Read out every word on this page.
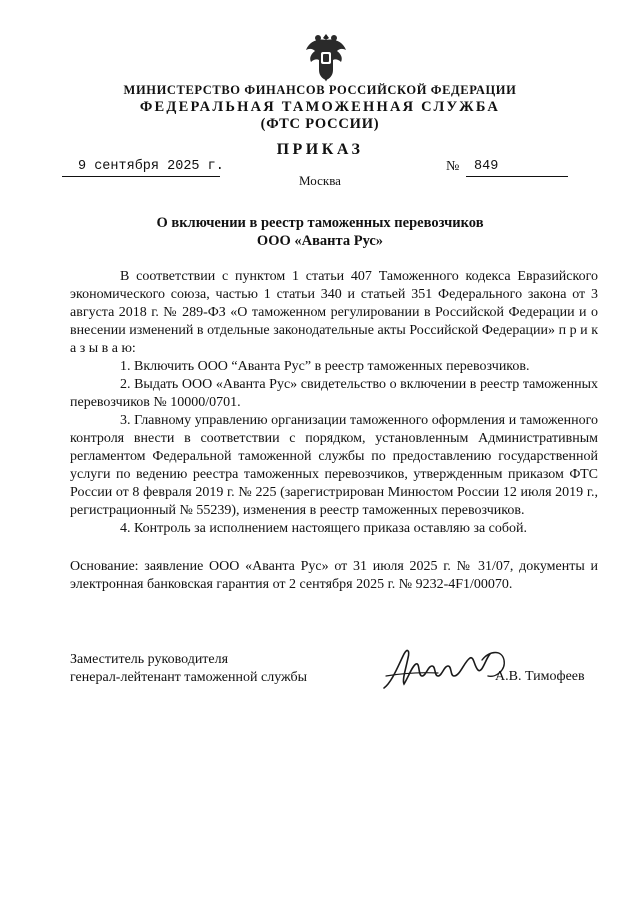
МИНИСТЕРСТВО ФИНАНСОВ РОССИЙСКОЙ ФЕДЕРАЦИИ
ФЕДЕРАЛЬНАЯ ТАМОЖЕННАЯ СЛУЖБА
(ФТС РОССИИ)
ПРИКАЗ
9 сентября 2025 г.	№ 849
Москва
О включении в реестр таможенных перевозчиков
ООО «Аванта Рус»

В соответствии с пунктом 1 статьи 407 Таможенного кодекса Евразийского экономического союза, частью 1 статьи 340 и статьей 351 Федерального закона от 3 августа 2018 г. № 289-ФЗ «О таможенном регулировании в Российской Федерации и о внесении изменений в отдельные законодательные акты Российской Федерации» п р и к а з ы в а ю:

1. Включить ООО “Аванта Рус” в реестр таможенных перевозчиков.

2. Выдать ООО «Аванта Рус» свидетельство о включении в реестр таможенных перевозчиков № 10000/0701.

3. Главному управлению организации таможенного оформления и таможенного контроля внести в соответствии с порядком, установленным Административным регламентом Федеральной таможенной службы по предоставлению государственной услуги по ведению реестра таможенных перевозчиков, утвержденным приказом ФТС России от 8 февраля 2019 г. № 225 (зарегистрирован Минюстом России 12 июля 2019 г., регистрационный № 55239), изменения в реестр таможенных перевозчиков.

4. Контроль за исполнением настоящего приказа оставляю за собой.

Основание: заявление ООО «Аванта Рус» от 31 июля 2025 г. № 31/07, документы и электронная банковская гарантия от 2 сентября 2025 г. № 9232-4F1/00070.

Заместитель руководителя
генерал-лейтенант таможенной службы	А.В. Тимофеев
